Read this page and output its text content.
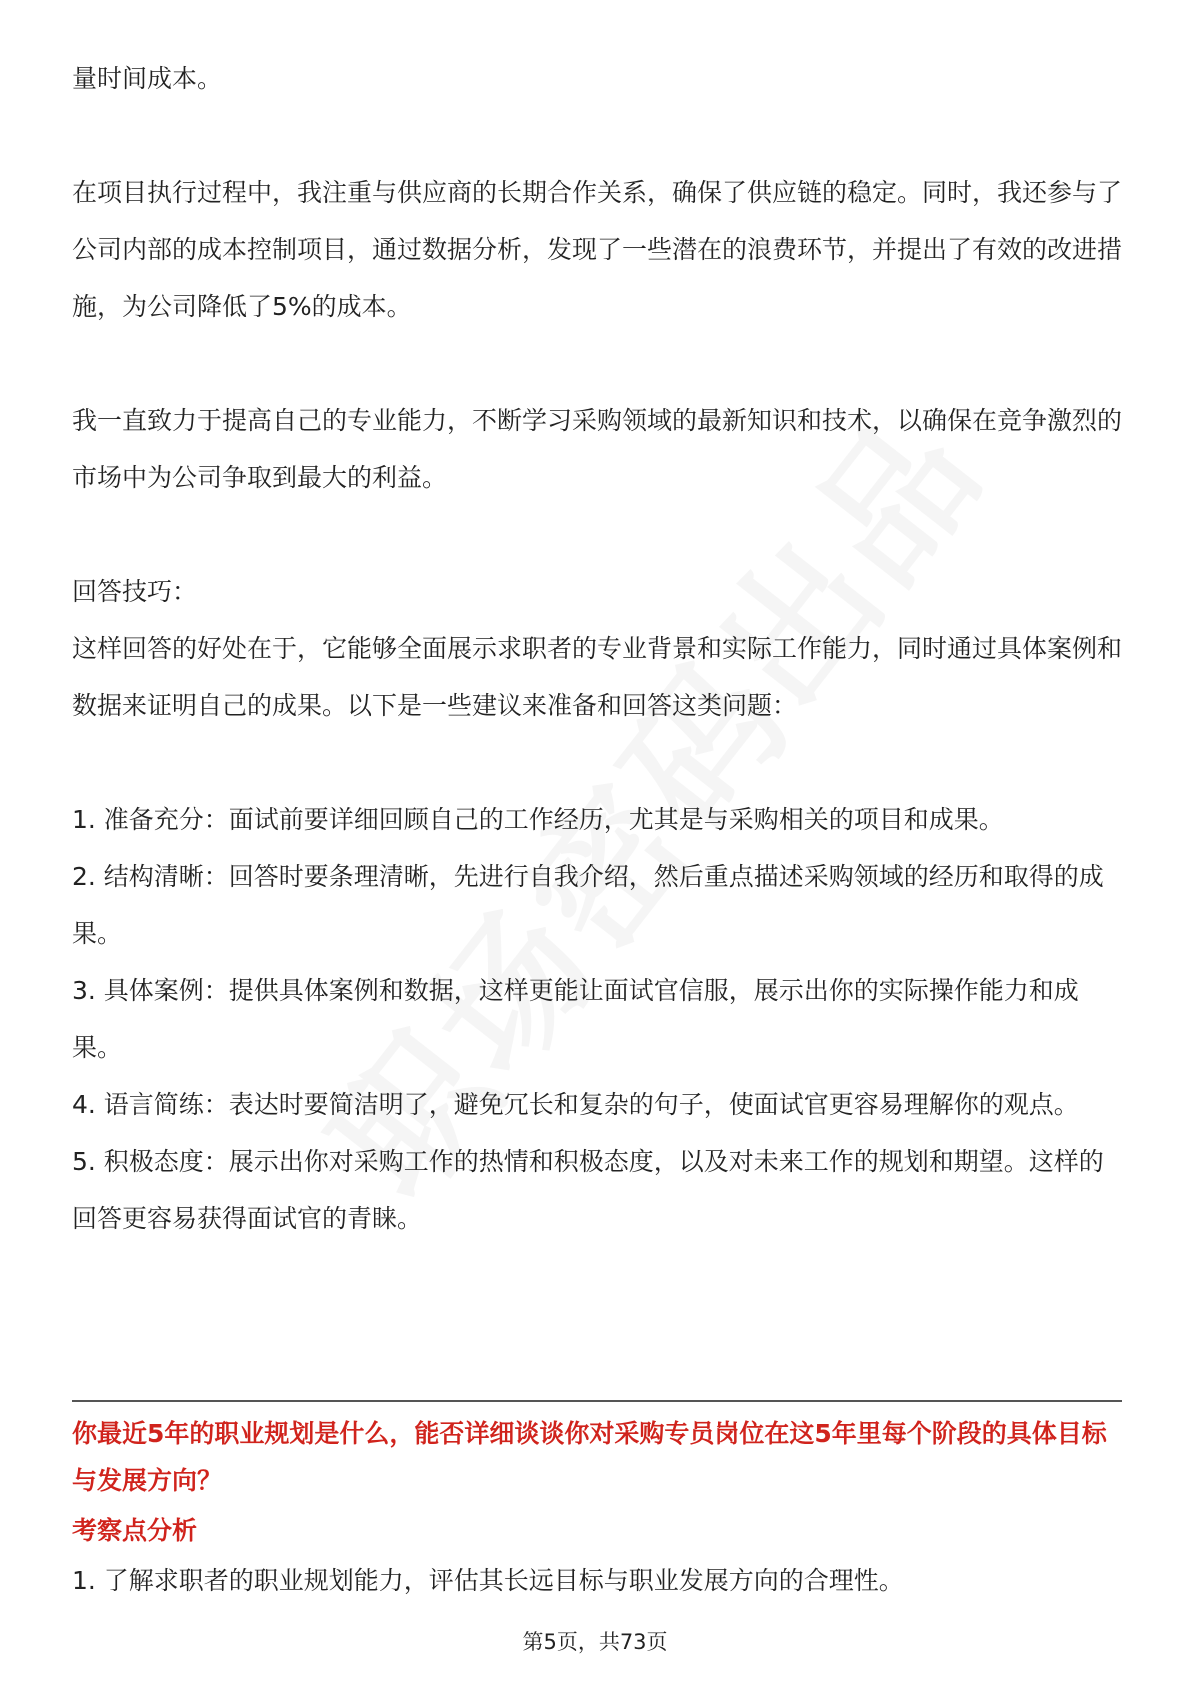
量时间成本。

在项目执行过程中，我注重与供应商的长期合作关系，确保了供应链的稳定。同时，我还参与了公司内部的成本控制项目，通过数据分析，发现了一些潜在的浪费环节，并提出了有效的改进措施，为公司降低了5%的成本。

我一直致力于提高自己的专业能力，不断学习采购领域的最新知识和技术，以确保在竞争激烈的市场中为公司争取到最大的利益。

回答技巧：

这样回答的好处在于，它能够全面展示求职者的专业背景和实际工作能力，同时通过具体案例和数据来证明自己的成果。以下是一些建议来准备和回答这类问题：

1. 准备充分：面试前要详细回顾自己的工作经历，尤其是与采购相关的项目和成果。

2. 结构清晰：回答时要条理清晰，先进行自我介绍，然后重点描述采购领域的经历和取得的成果。

3. 具体案例：提供具体案例和数据，这样更能让面试官信服，展示出你的实际操作能力和成果。

4. 语言简练：表达时要简洁明了，避免冗长和复杂的句子，使面试官更容易理解你的观点。

5. 积极态度：展示出你对采购工作的热情和积极态度，以及对未来工作的规划和期望。这样的回答更容易获得面试官的青睐。

你最近5年的职业规划是什么，能否详细谈谈你对采购专员岗位在这5年里每个阶段的具体目标与发展方向？

考察点分析

1. 了解求职者的职业规划能力，评估其长远目标与职业发展方向的合理性。

第5页，共73页
